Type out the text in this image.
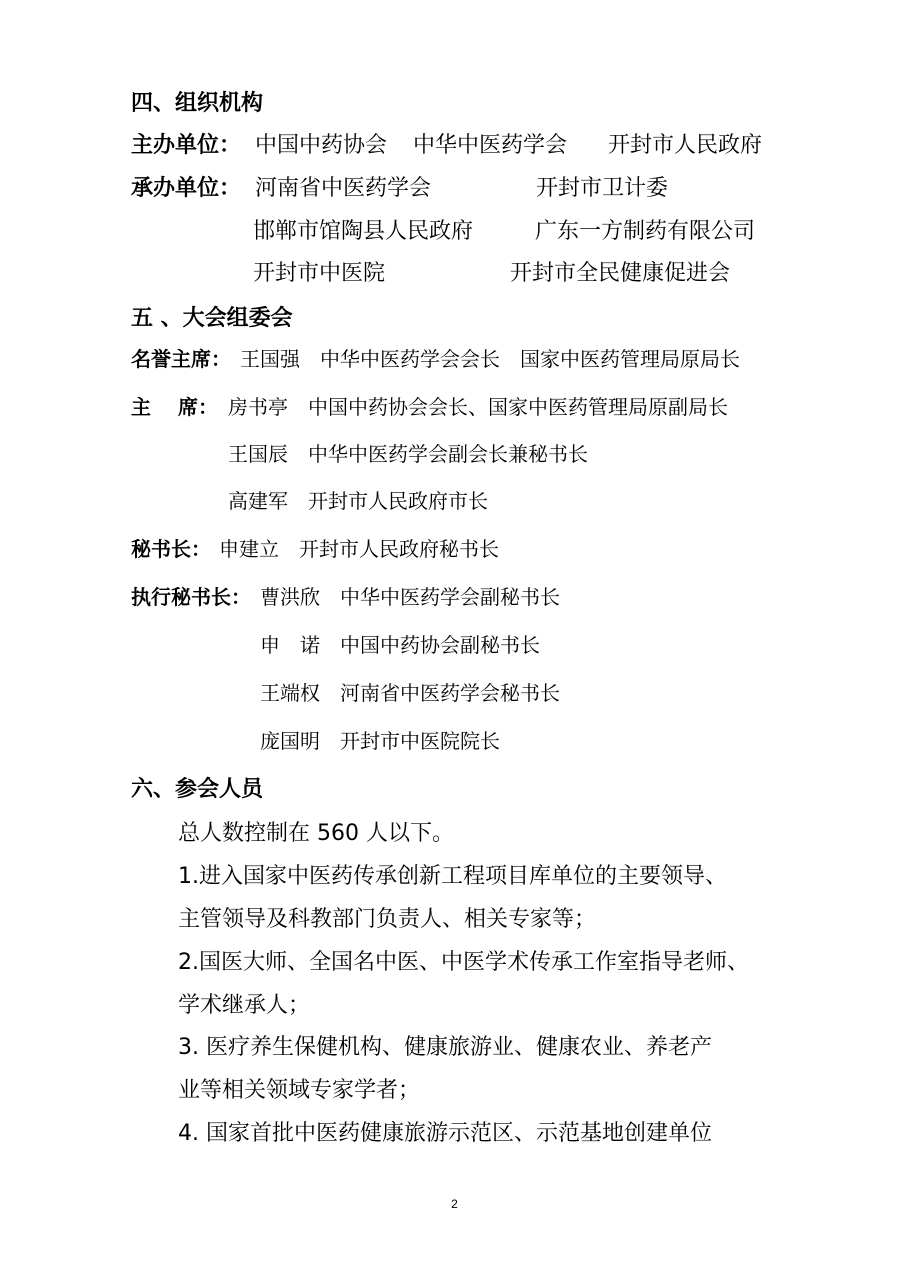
四、组织机构
主办单位： 中国中药协会 中华中医药学会 开封市人民政府
承办单位： 河南省中医药学会	开封市卫计委
邯郸市馆陶县人民政府	广东一方制药有限公司
开封市中医院	开封市全民健康促进会
五 、大会组委会
名誉主席： 王国强　中华中医药学会会长　国家中医药管理局原局长
主　 席： 房书亭　中国中药协会会长、国家中医药管理局原副局长
王国辰　中华中医药学会副会长兼秘书长
高建军　开封市人民政府市长
秘书长： 申建立　开封市人民政府秘书长
执行秘书长： 曹洪欣　中华中医药学会副秘书长
申　诺　中国中药协会副秘书长
王端权　河南省中医药学会秘书长
庞国明　开封市中医院院长
六、参会人员
总人数控制在 560 人以下。
1.进入国家中医药传承创新工程项目库单位的主要领导、
主管领导及科教部门负责人、相关专家等；
2.国医大师、全国名中医、中医学术传承工作室指导老师、
学术继承人；
3. 医疗养生保健机构、健康旅游业、健康农业、养老产
业等相关领域专家学者；
4. 国家首批中医药健康旅游示范区、示范基地创建单位
2
